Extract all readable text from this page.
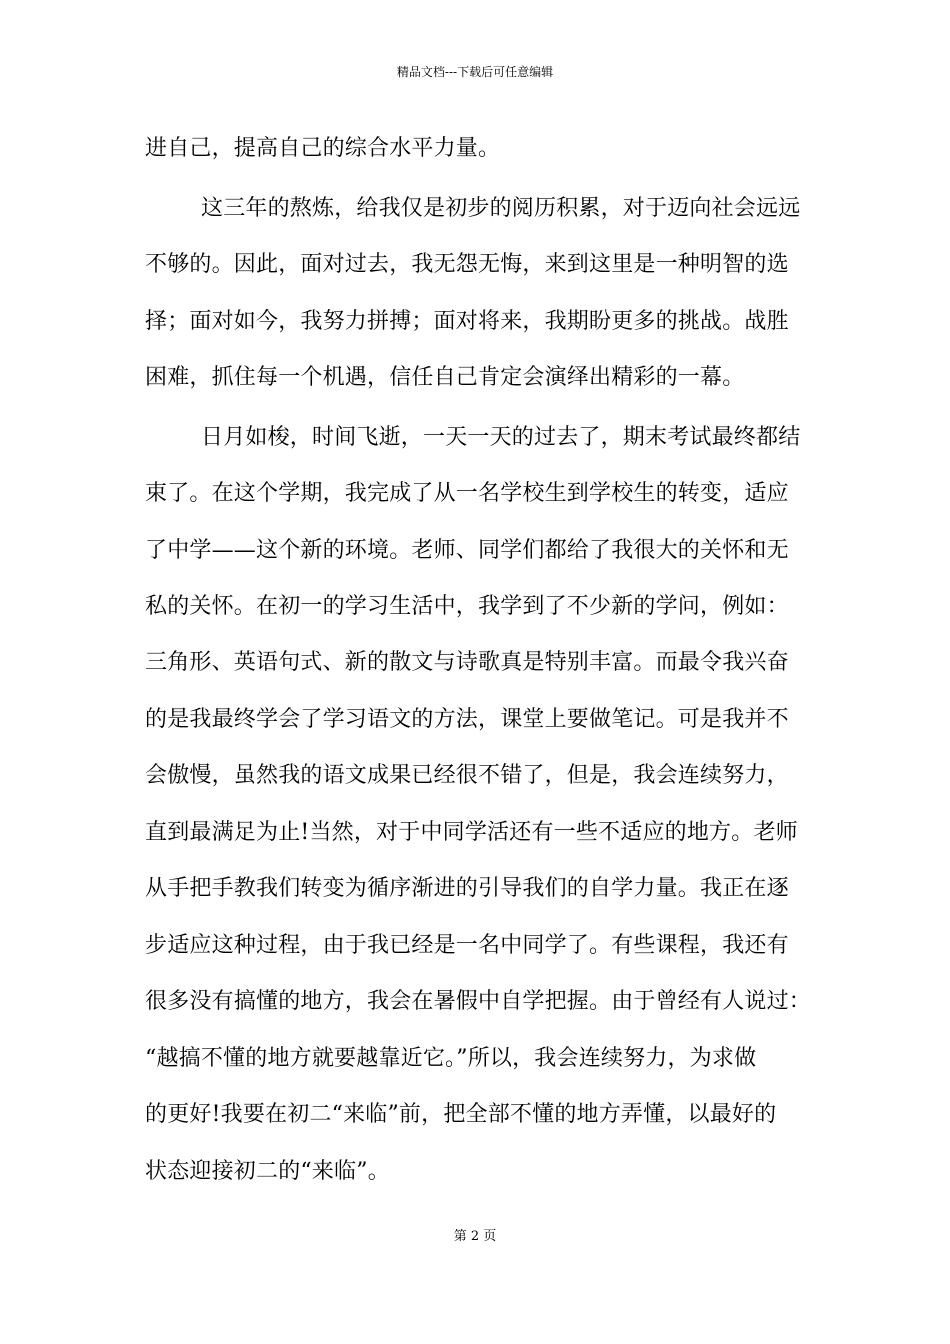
精品文档---下载后可任意编辑
进自己，提高自己的综合水平力量。
这三年的熬炼，给我仅是初步的阅历积累，对于迈向社会远远
不够的。因此，面对过去，我无怨无悔，来到这里是一种明智的选
择；面对如今，我努力拼搏；面对将来，我期盼更多的挑战。战胜
困难，抓住每一个机遇，信任自己肯定会演绎出精彩的一幕。
日月如梭，时间飞逝，一天一天的过去了，期末考试最终都结
束了。在这个学期，我完成了从一名学校生到学校生的转变，适应
了中学——这个新的环境。老师、同学们都给了我很大的关怀和无
私的关怀。在初一的学习生活中，我学到了不少新的学问，例如：
三角形、英语句式、新的散文与诗歌真是特别丰富。而最令我兴奋
的是我最终学会了学习语文的方法，课堂上要做笔记。可是我并不
会傲慢，虽然我的语文成果已经很不错了，但是，我会连续努力，
直到最满足为止!当然，对于中同学活还有一些不适应的地方。老师
从手把手教我们转变为循序渐进的引导我们的自学力量。我正在逐
步适应这种过程，由于我已经是一名中同学了。有些课程，我还有
很多没有搞懂的地方，我会在暑假中自学把握。由于曾经有人说过：
“越搞不懂的地方就要越靠近它。”所以，我会连续努力，为求做
的更好!我要在初二“来临”前，把全部不懂的地方弄懂，以最好的
状态迎接初二的“来临”。
第 2 页
